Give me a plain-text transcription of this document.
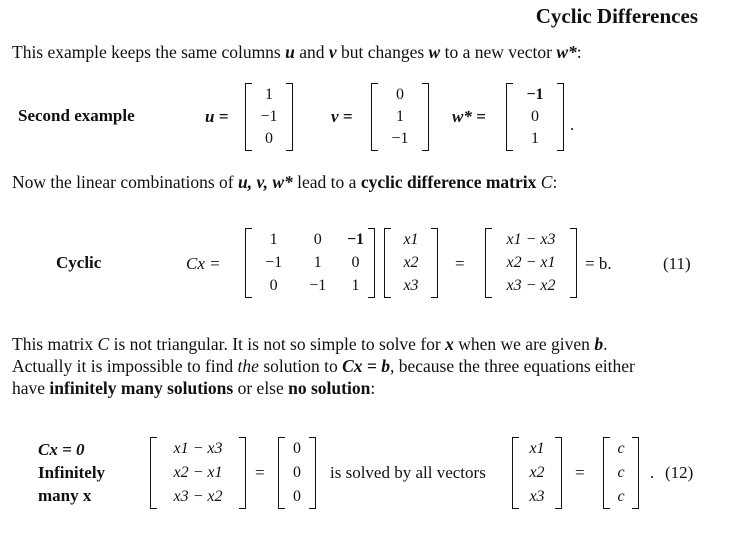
Cyclic Differences
This example keeps the same columns u and v but changes w to a new vector w*:
Second example	u =
1
−1
0
v =
0
1
−1
w* =
−1
0
1
.
Now the linear combinations of u, v, w* lead to a cyclic difference matrix C:
Cyclic	Cx =
1 0 −1
−1 1 0
0 −1 1
x1
x2
x3
=
x1 − x3
x2 − x1
x3 − x2
= b.	(11)
This matrix C is not triangular. It is not so simple to solve for x when we are given b.
Actually it is impossible to find the solution to Cx = b, because the three equations either
have infinitely many solutions or else no solution:
Cx = 0
Infinitely
many x
x1 − x3
x2 − x1
x3 − x2
=
0
0
0
is solved by all vectors
x1
x2
x3
=
c
c
c
. (12)
